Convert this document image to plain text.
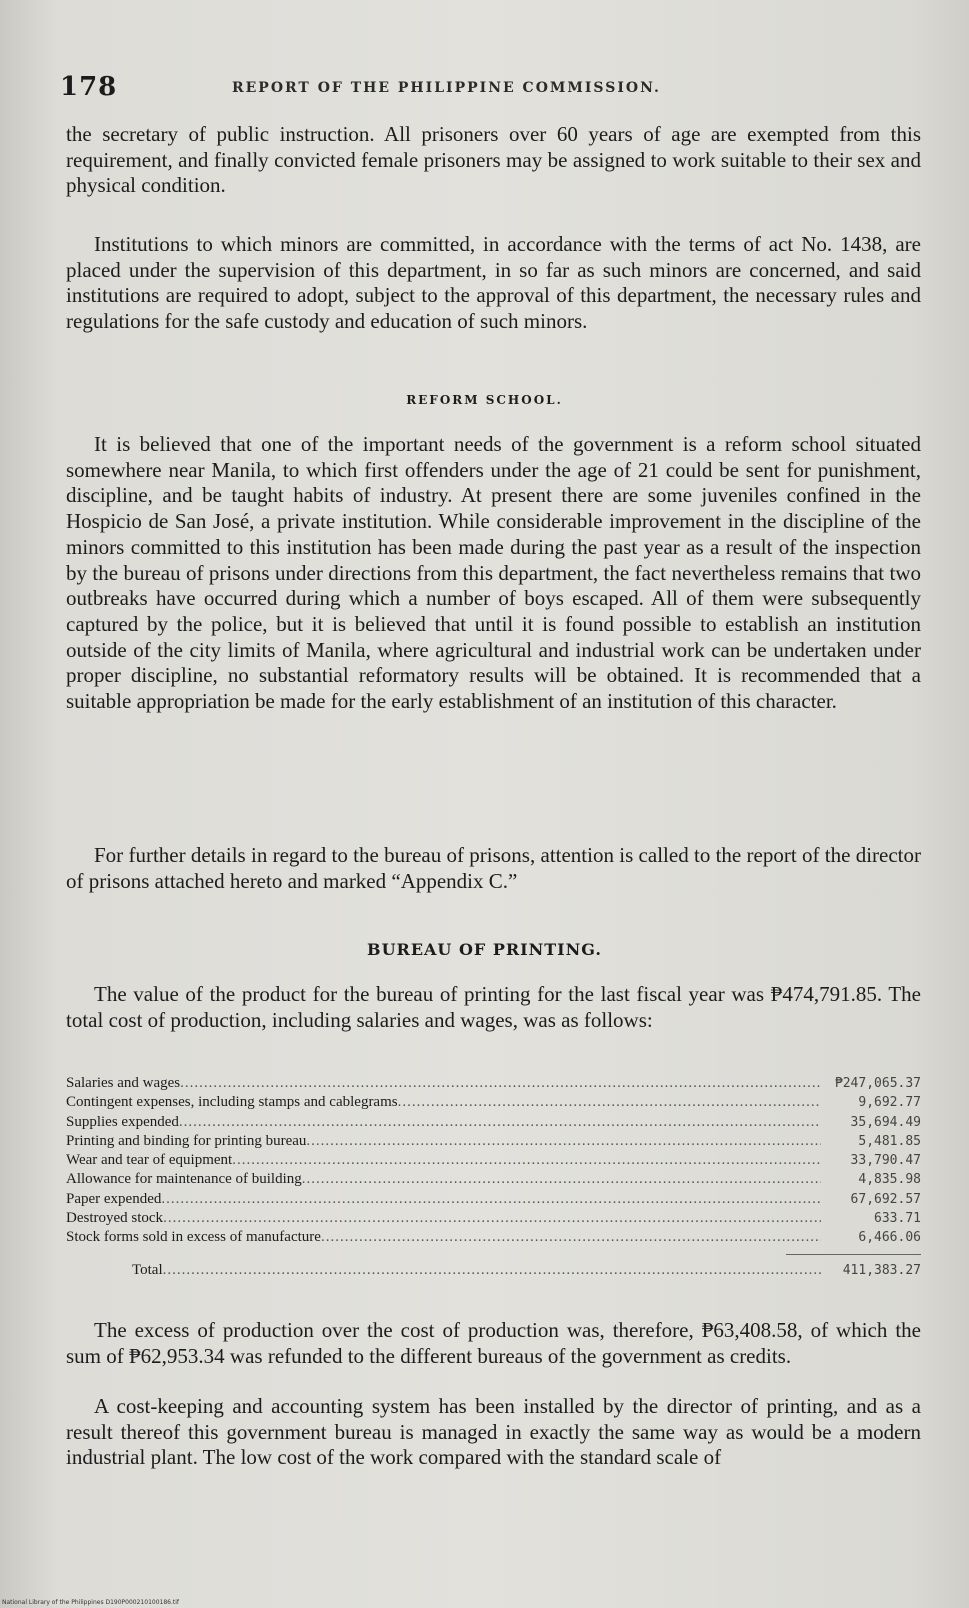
178	REPORT OF THE PHILIPPINE COMMISSION.

the secretary of public instruction. All prisoners over 60 years of age are exempted from this requirement, and finally convicted female prisoners may be assigned to work suitable to their sex and physical condition.

Institutions to which minors are committed, in accordance with the terms of act No. 1438, are placed under the supervision of this department, in so far as such minors are concerned, and said institutions are required to adopt, subject to the approval of this department, the necessary rules and regulations for the safe custody and education of such minors.

REFORM SCHOOL.

It is believed that one of the important needs of the government is a reform school situated somewhere near Manila, to which first offenders under the age of 21 could be sent for punishment, discipline, and be taught habits of industry. At present there are some juveniles confined in the Hospicio de San José, a private institution. While considerable improvement in the discipline of the minors committed to this institution has been made during the past year as a result of the inspection by the bureau of prisons under directions from this department, the fact nevertheless remains that two outbreaks have occurred during which a number of boys escaped. All of them were subsequently captured by the police, but it is believed that until it is found possible to establish an institution outside of the city limits of Manila, where agricultural and industrial work can be undertaken under proper discipline, no substantial reformatory results will be obtained. It is recommended that a suitable appropriation be made for the early establishment of an institution of this character.

For further details in regard to the bureau of prisons, attention is called to the report of the director of prisons attached hereto and marked “Appendix C.”

BUREAU OF PRINTING.

The value of the product for the bureau of printing for the last fiscal year was ₱474,791.85. The total cost of production, including salaries and wages, was as follows:

Salaries and wages .....	₱247,065.37
Contingent expenses, including stamps and cablegrams .....	9,692.77
Supplies expended .....	35,694.49
Printing and binding for printing bureau .....	5,481.85
Wear and tear of equipment .....	33,790.47
Allowance for maintenance of building .....	4,835.98
Paper expended .....	67,692.57
Destroyed stock .....	633.71
Stock forms sold in excess of manufacture .....	6,466.06
Total .....	411,383.27

The excess of production over the cost of production was, therefore, ₱63,408.58, of which the sum of ₱62,953.34 was refunded to the different bureaus of the government as credits.

A cost-keeping and accounting system has been installed by the director of printing, and as a result thereof this government bureau is managed in exactly the same way as would be a modern industrial plant. The low cost of the work compared with the standard scale of

National Library of the Philippines D190P000210100186.tif
